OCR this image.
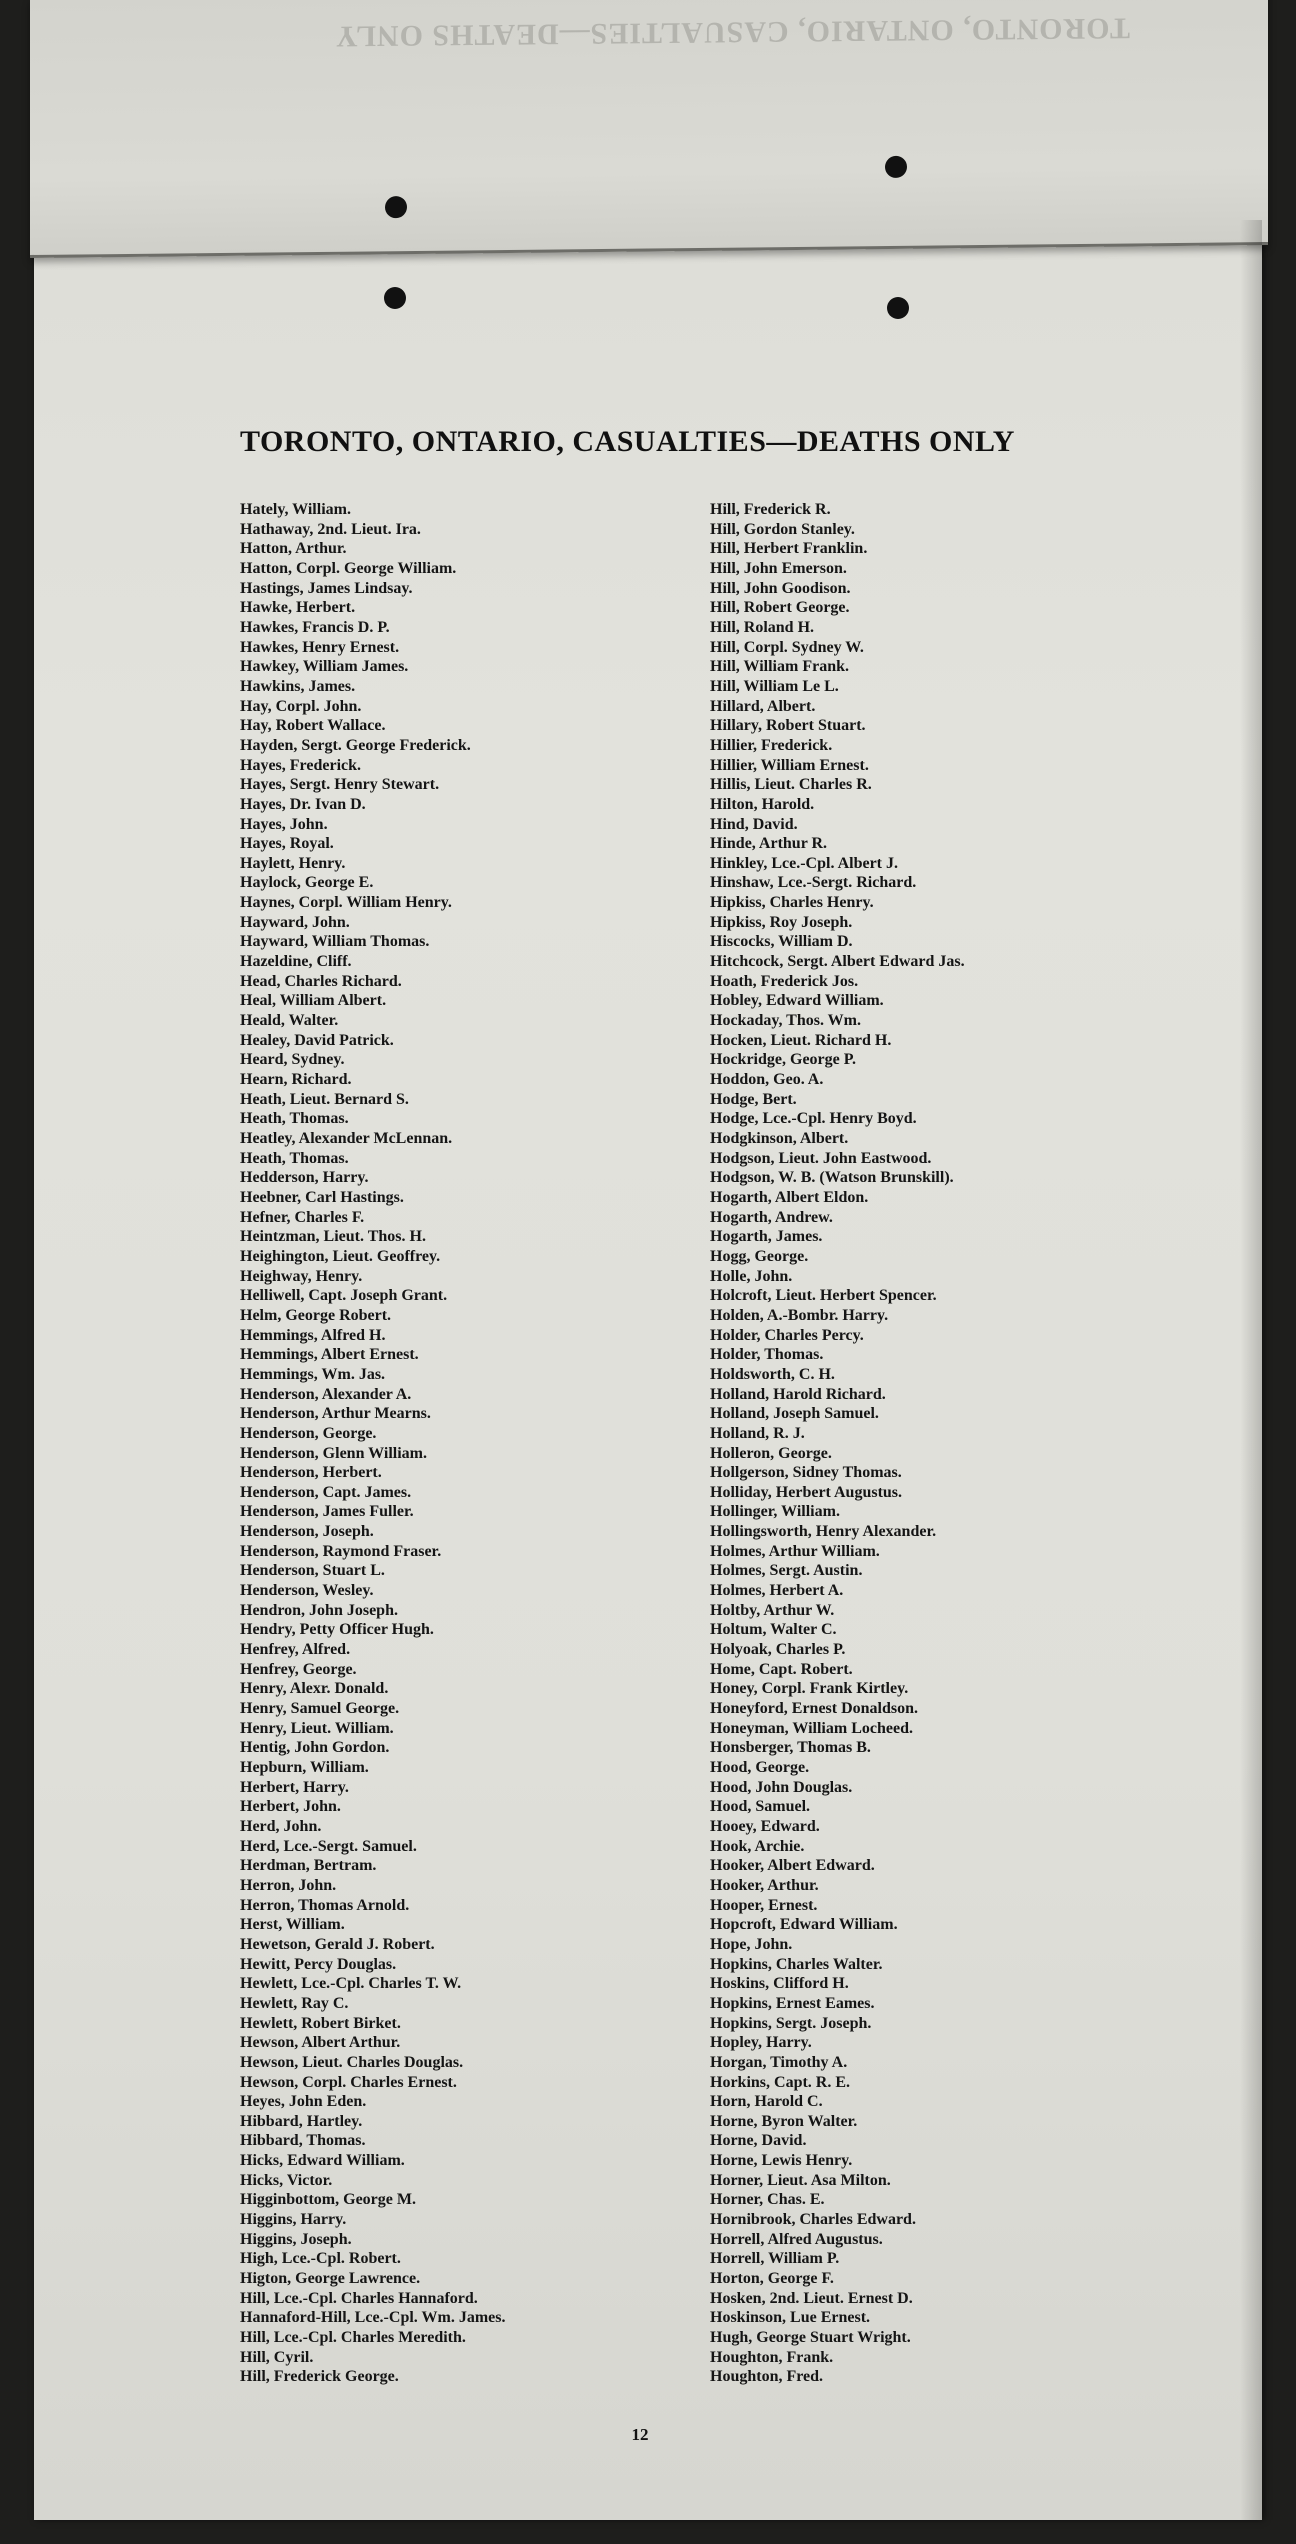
TORONTO, ONTARIO, CASUALTIES—DEATHS ONLY
TORONTO, ONTARIO, CASUALTIES—DEATHS ONLY
Hately, William.
Hathaway, 2nd. Lieut. Ira.
Hatton, Arthur.
Hatton, Corpl. George William.
Hastings, James Lindsay.
Hawke, Herbert.
Hawkes, Francis D. P.
Hawkes, Henry Ernest.
Hawkey, William James.
Hawkins, James.
Hay, Corpl. John.
Hay, Robert Wallace.
Hayden, Sergt. George Frederick.
Hayes, Frederick.
Hayes, Sergt. Henry Stewart.
Hayes, Dr. Ivan D.
Hayes, John.
Hayes, Royal.
Haylett, Henry.
Haylock, George E.
Haynes, Corpl. William Henry.
Hayward, John.
Hayward, William Thomas.
Hazeldine, Cliff.
Head, Charles Richard.
Heal, William Albert.
Heald, Walter.
Healey, David Patrick.
Heard, Sydney.
Hearn, Richard.
Heath, Lieut. Bernard S.
Heath, Thomas.
Heatley, Alexander McLennan.
Heath, Thomas.
Hedderson, Harry.
Heebner, Carl Hastings.
Hefner, Charles F.
Heintzman, Lieut. Thos. H.
Heighington, Lieut. Geoffrey.
Heighway, Henry.
Helliwell, Capt. Joseph Grant.
Helm, George Robert.
Hemmings, Alfred H.
Hemmings, Albert Ernest.
Hemmings, Wm. Jas.
Henderson, Alexander A.
Henderson, Arthur Mearns.
Henderson, George.
Henderson, Glenn William.
Henderson, Herbert.
Henderson, Capt. James.
Henderson, James Fuller.
Henderson, Joseph.
Henderson, Raymond Fraser.
Henderson, Stuart L.
Henderson, Wesley.
Hendron, John Joseph.
Hendry, Petty Officer Hugh.
Henfrey, Alfred.
Henfrey, George.
Henry, Alexr. Donald.
Henry, Samuel George.
Henry, Lieut. William.
Hentig, John Gordon.
Hepburn, William.
Herbert, Harry.
Herbert, John.
Herd, John.
Herd, Lce.-Sergt. Samuel.
Herdman, Bertram.
Herron, John.
Herron, Thomas Arnold.
Herst, William.
Hewetson, Gerald J. Robert.
Hewitt, Percy Douglas.
Hewlett, Lce.-Cpl. Charles T. W.
Hewlett, Ray C.
Hewlett, Robert Birket.
Hewson, Albert Arthur.
Hewson, Lieut. Charles Douglas.
Hewson, Corpl. Charles Ernest.
Heyes, John Eden.
Hibbard, Hartley.
Hibbard, Thomas.
Hicks, Edward William.
Hicks, Victor.
Higginbottom, George M.
Higgins, Harry.
Higgins, Joseph.
High, Lce.-Cpl. Robert.
Higton, George Lawrence.
Hill, Lce.-Cpl. Charles Hannaford.
Hannaford-Hill, Lce.-Cpl. Wm. James.
Hill, Lce.-Cpl. Charles Meredith.
Hill, Cyril.
Hill, Frederick George.
Hill, Frederick R.
Hill, Gordon Stanley.
Hill, Herbert Franklin.
Hill, John Emerson.
Hill, John Goodison.
Hill, Robert George.
Hill, Roland H.
Hill, Corpl. Sydney W.
Hill, William Frank.
Hill, William Le L.
Hillard, Albert.
Hillary, Robert Stuart.
Hillier, Frederick.
Hillier, William Ernest.
Hillis, Lieut. Charles R.
Hilton, Harold.
Hind, David.
Hinde, Arthur R.
Hinkley, Lce.-Cpl. Albert J.
Hinshaw, Lce.-Sergt. Richard.
Hipkiss, Charles Henry.
Hipkiss, Roy Joseph.
Hiscocks, William D.
Hitchcock, Sergt. Albert Edward Jas.
Hoath, Frederick Jos.
Hobley, Edward William.
Hockaday, Thos. Wm.
Hocken, Lieut. Richard H.
Hockridge, George P.
Hoddon, Geo. A.
Hodge, Bert.
Hodge, Lce.-Cpl. Henry Boyd.
Hodgkinson, Albert.
Hodgson, Lieut. John Eastwood.
Hodgson, W. B. (Watson Brunskill).
Hogarth, Albert Eldon.
Hogarth, Andrew.
Hogarth, James.
Hogg, George.
Holle, John.
Holcroft, Lieut. Herbert Spencer.
Holden, A.-Bombr. Harry.
Holder, Charles Percy.
Holder, Thomas.
Holdsworth, C. H.
Holland, Harold Richard.
Holland, Joseph Samuel.
Holland, R. J.
Holleron, George.
Hollgerson, Sidney Thomas.
Holliday, Herbert Augustus.
Hollinger, William.
Hollingsworth, Henry Alexander.
Holmes, Arthur William.
Holmes, Sergt. Austin.
Holmes, Herbert A.
Holtby, Arthur W.
Holtum, Walter C.
Holyoak, Charles P.
Home, Capt. Robert.
Honey, Corpl. Frank Kirtley.
Honeyford, Ernest Donaldson.
Honeyman, William Locheed.
Honsberger, Thomas B.
Hood, George.
Hood, John Douglas.
Hood, Samuel.
Hooey, Edward.
Hook, Archie.
Hooker, Albert Edward.
Hooker, Arthur.
Hooper, Ernest.
Hopcroft, Edward William.
Hope, John.
Hopkins, Charles Walter.
Hoskins, Clifford H.
Hopkins, Ernest Eames.
Hopkins, Sergt. Joseph.
Hopley, Harry.
Horgan, Timothy A.
Horkins, Capt. R. E.
Horn, Harold C.
Horne, Byron Walter.
Horne, David.
Horne, Lewis Henry.
Horner, Lieut. Asa Milton.
Horner, Chas. E.
Hornibrook, Charles Edward.
Horrell, Alfred Augustus.
Horrell, William P.
Horton, George F.
Hosken, 2nd. Lieut. Ernest D.
Hoskinson, Lue Ernest.
Hugh, George Stuart Wright.
Houghton, Frank.
Houghton, Fred.
12
